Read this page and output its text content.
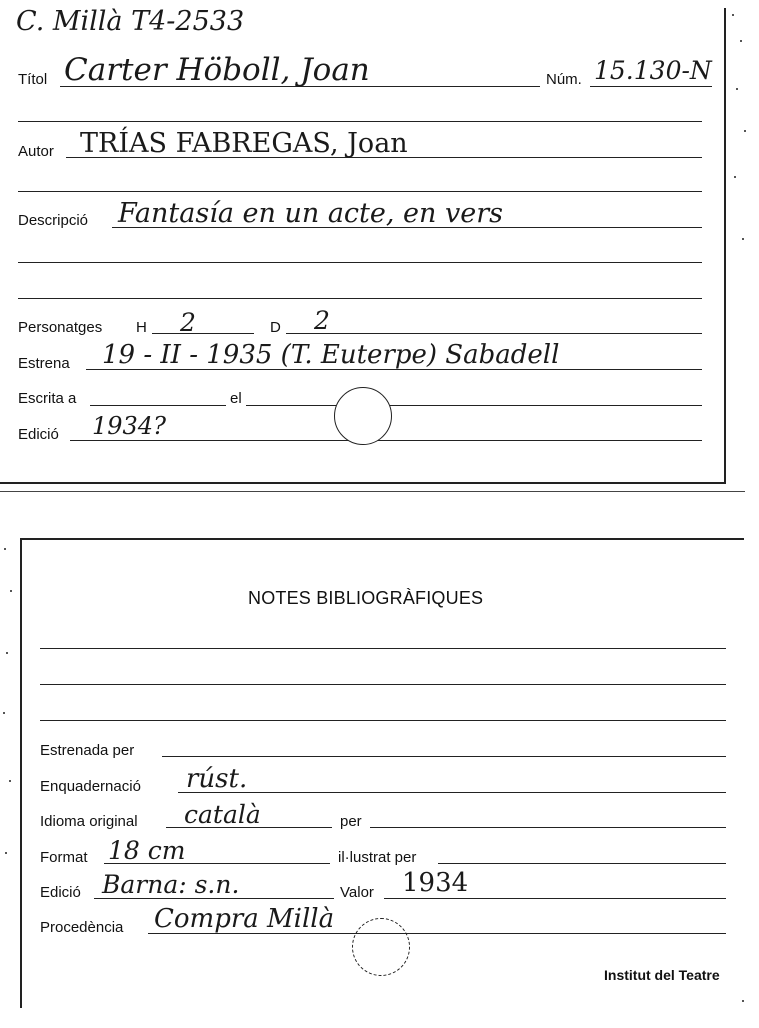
C. Millà T4-2533
Títol Carter Höboll, Joan	Núm. 15.130-N
Autor TRÍAS FABREGAS, Joan
Descripció Fantasía en un acte, en vers
Personatges H 2	D 2
Estrena 19 - II - 1935 (T. Euterpe) Sabadell
Escrita a	el
Edició 1934?
NOTES BIBLIOGRÀFIQUES
Estrenada per
Enquadernació rúst.
Idioma original català	per
Format 18 cm	il·lustrat per
Edició Barna: s.n.	Valor 1934
Procedència Compra Millà
Institut del Teatre
